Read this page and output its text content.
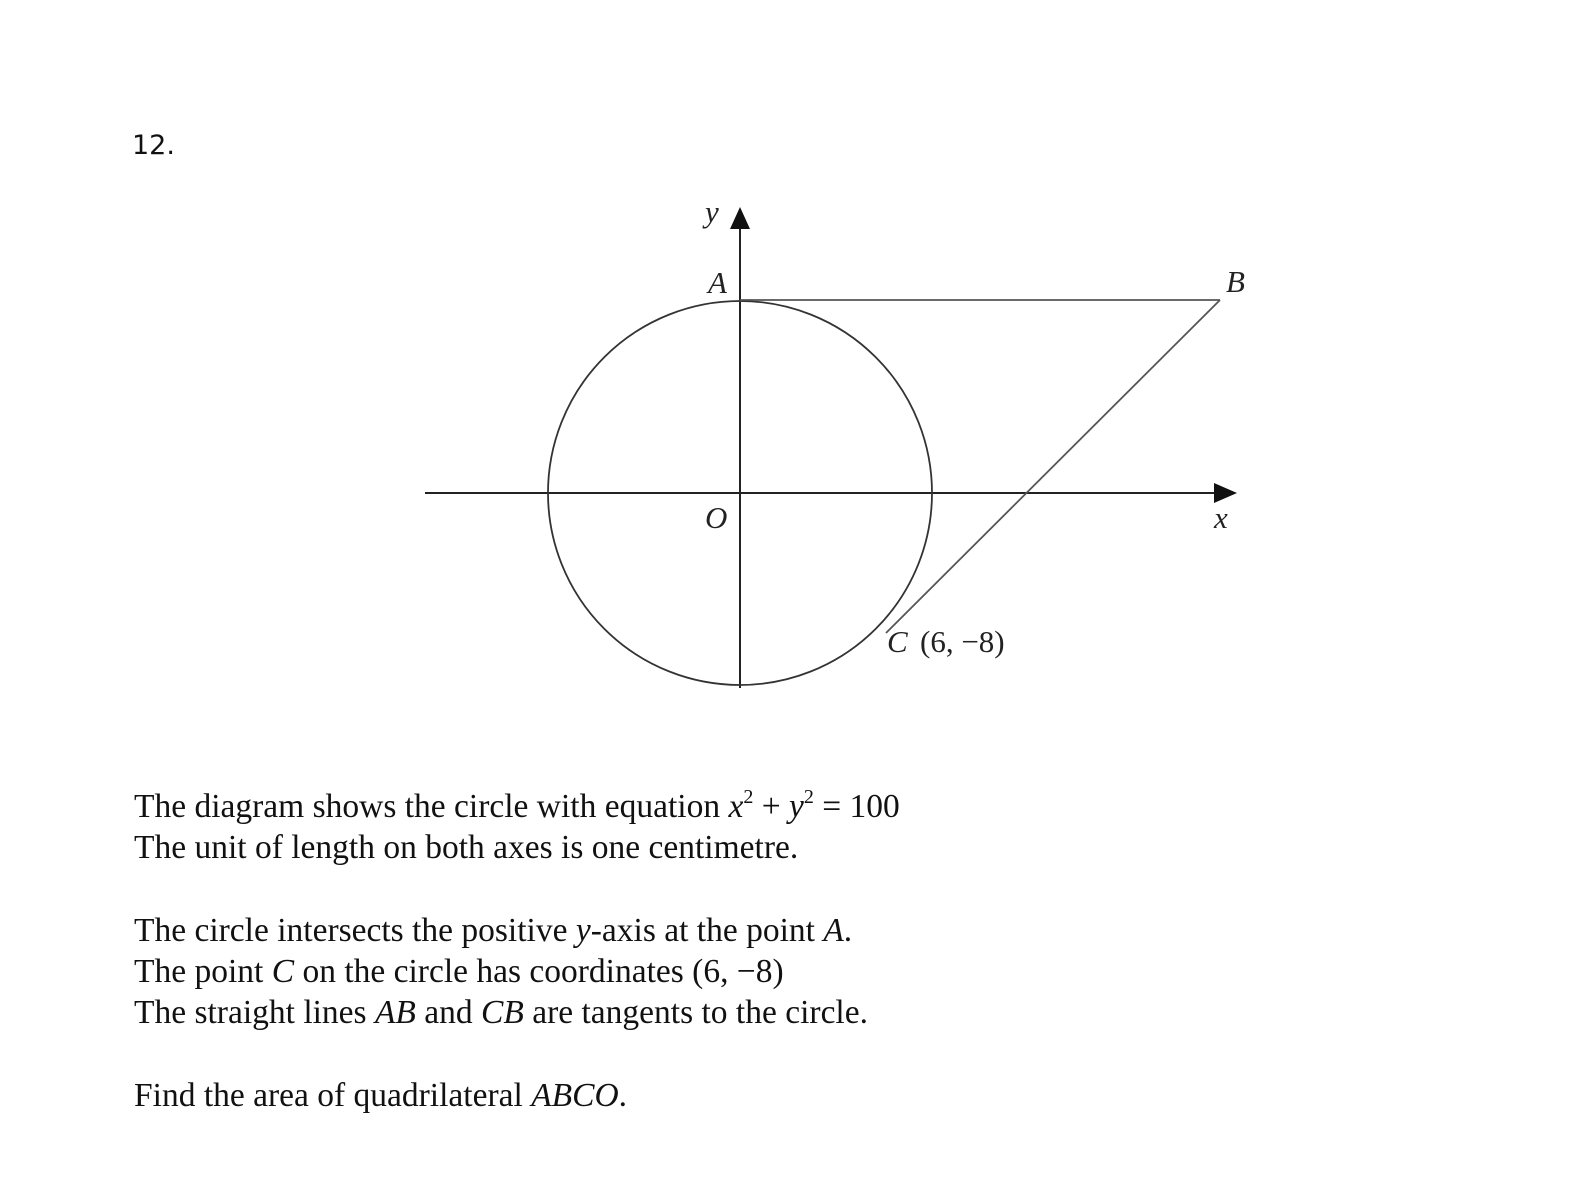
12.
y
x
A	B
O
C (6, −8)

The diagram shows the circle with equation $x^2 + y^2 = 100$

The unit of length on both axes is one centimetre.

The circle intersects the positive y-axis at the point A.

The point C on the circle has coordinates (6, −8)

The straight lines AB and CB are tangents to the circle.

Find the area of quadrilateral ABCO.
